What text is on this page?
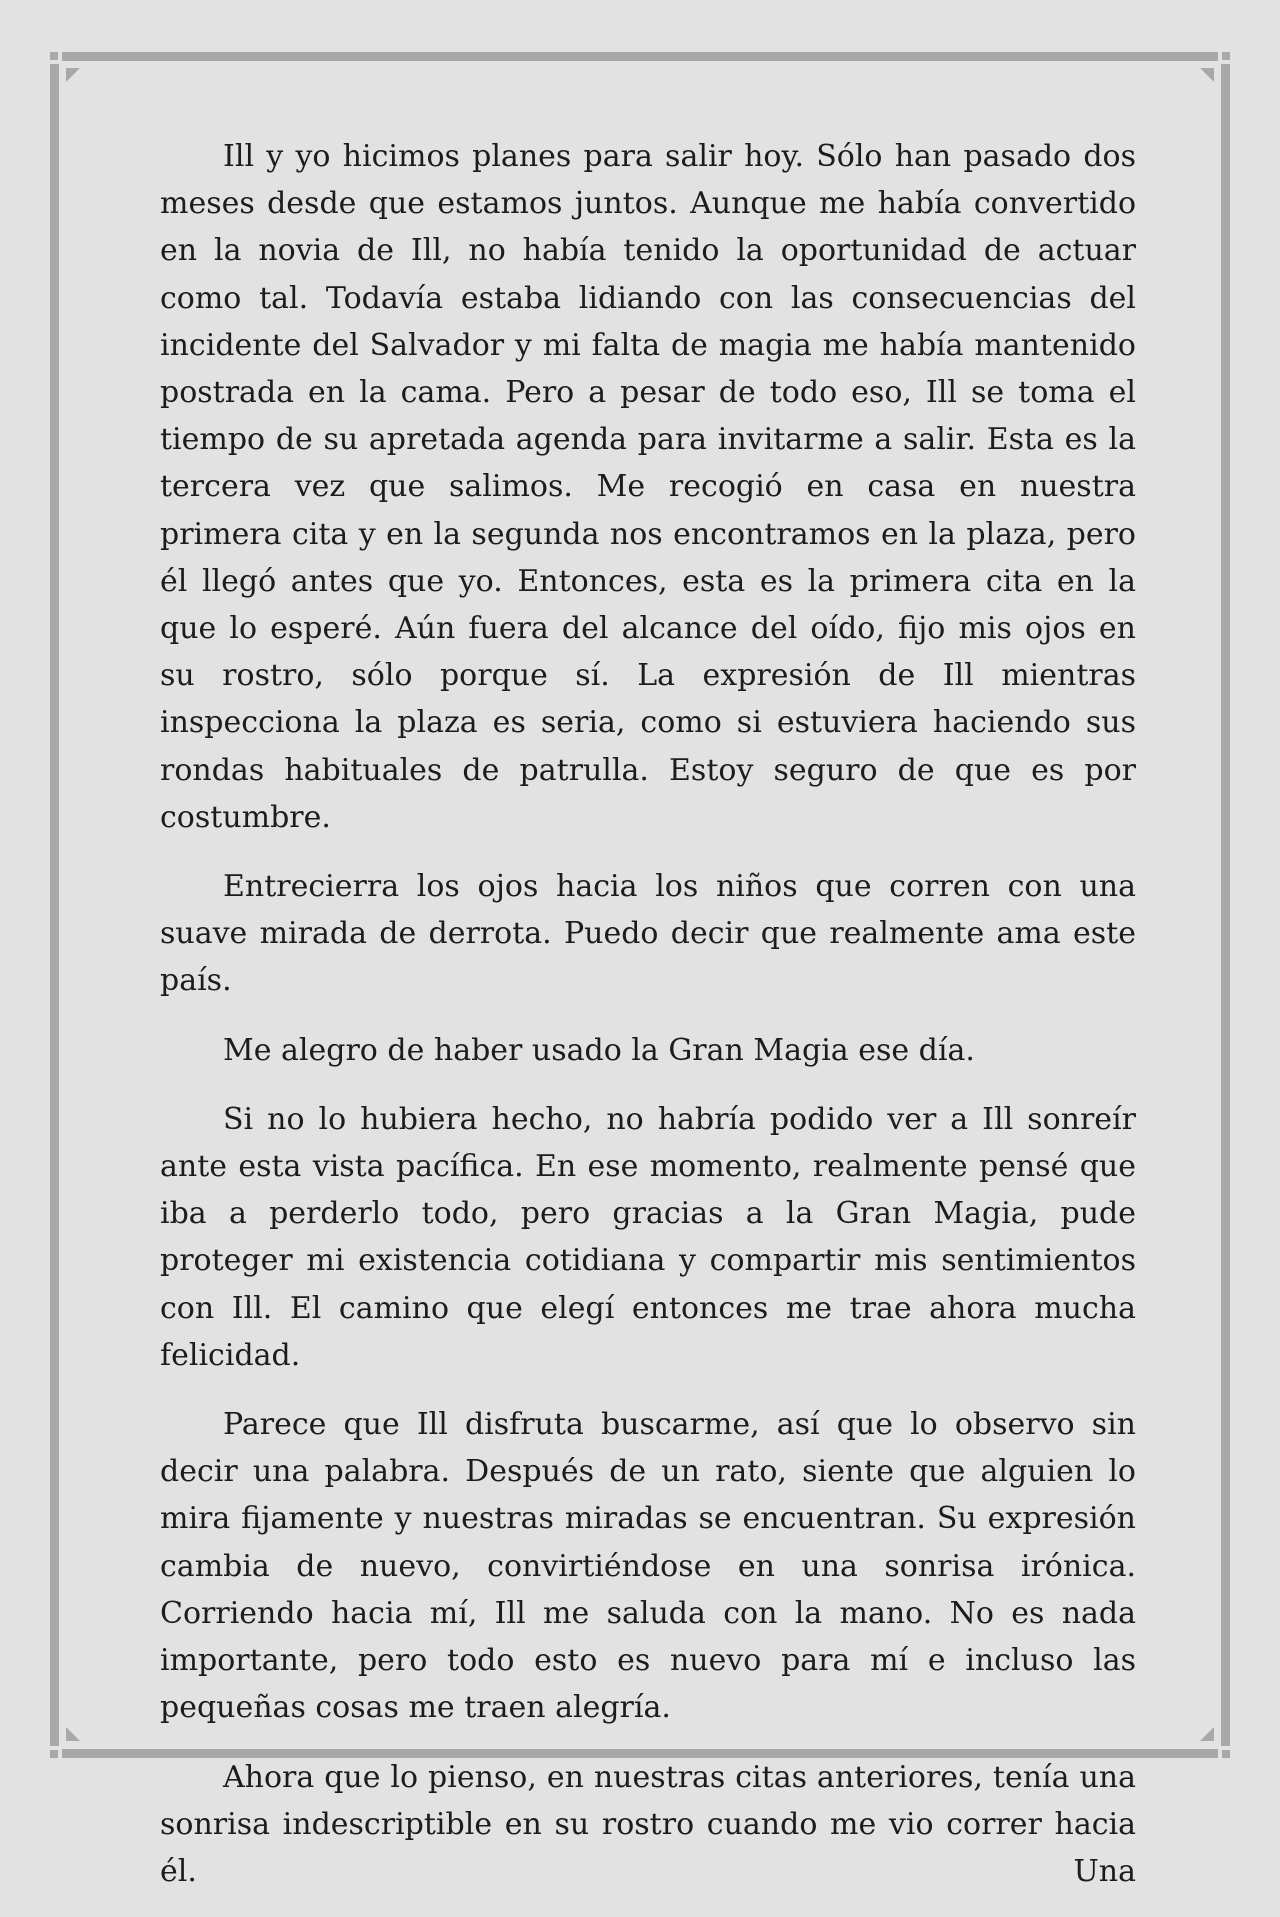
Ill y yo hicimos planes para salir hoy. Sólo han pasado dos meses desde que estamos juntos. Aunque me había convertido en la novia de Ill, no había tenido la oportunidad de actuar como tal. Todavía estaba lidiando con las consecuencias del incidente del Salvador y mi falta de magia me había mantenido postrada en la cama. Pero a pesar de todo eso, Ill se toma el tiempo de su apretada agenda para invitarme a salir. Esta es la tercera vez que salimos. Me recogió en casa en nuestra primera cita y en la segunda nos encontramos en la plaza, pero él llegó antes que yo. Entonces, esta es la primera cita en la que lo esperé. Aún fuera del alcance del oído, fijo mis ojos en su rostro, sólo porque sí. La expresión de Ill mientras inspecciona la plaza es seria, como si estuviera haciendo sus rondas habituales de patrulla. Estoy seguro de que es por costumbre.

Entrecierra los ojos hacia los niños que corren con una suave mirada de derrota. Puedo decir que realmente ama este país.

Me alegro de haber usado la Gran Magia ese día.

Si no lo hubiera hecho, no habría podido ver a Ill sonreír ante esta vista pacífica. En ese momento, realmente pensé que iba a perderlo todo, pero gracias a la Gran Magia, pude proteger mi existencia cotidiana y compartir mis sentimientos con Ill. El camino que elegí entonces me trae ahora mucha felicidad.

Parece que Ill disfruta buscarme, así que lo observo sin decir una palabra. Después de un rato, siente que alguien lo mira fijamente y nuestras miradas se encuentran. Su expresión cambia de nuevo, convirtiéndose en una sonrisa irónica. Corriendo hacia mí, Ill me saluda con la mano. No es nada importante, pero todo esto es nuevo para mí e incluso las pequeñas cosas me traen alegría.

Ahora que lo pienso, en nuestras citas anteriores, tenía una sonrisa indescriptible en su rostro cuando me vio correr hacia él. Una
